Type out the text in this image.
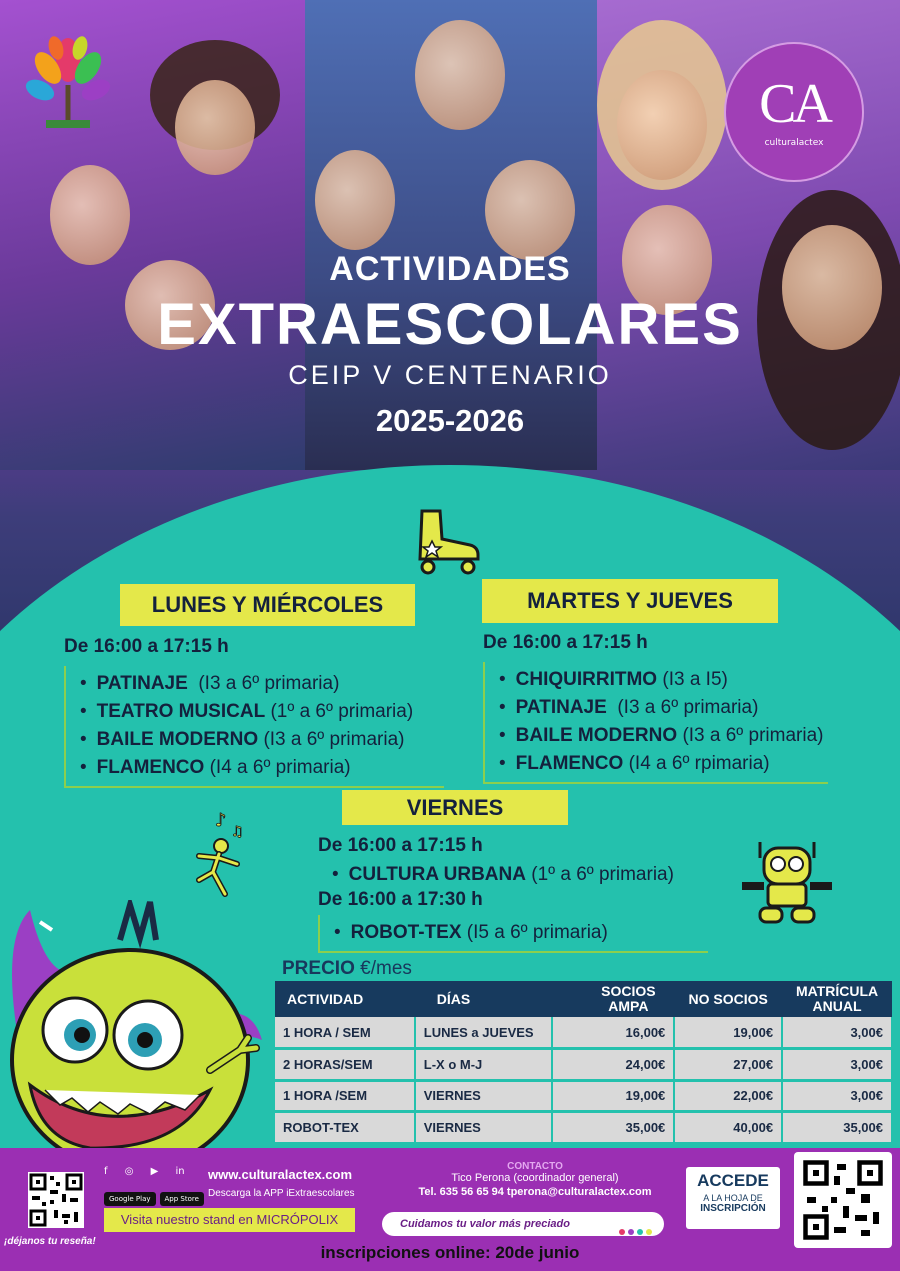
CA
culturalactex
ACTIVIDADES
EXTRAESCOLARES
CEIP V CENTENARIO
2025-2026
LUNES Y MIÉRCOLES
De 16:00 a 17:15 h
• PATINAJE (I3 a 6º primaria)
• TEATRO MUSICAL (1º a 6º primaria)
• BAILE MODERNO (I3 a 6º primaria)
• FLAMENCO (I4 a 6º primaria)
MARTES Y JUEVES
De 16:00 a 17:15 h
• CHIQUIRRITMO (I3 a I5)
• PATINAJE (I3 a 6º primaria)
• BAILE MODERNO (I3 a 6º primaria)
• FLAMENCO (I4 a 6º rpimaria)
VIERNES
♪
♫
De 16:00 a 17:15 h
• CULTURA URBANA (1º a 6º primaria)
De 16:00 a 17:30 h
• ROBOT-TEX (I5 a 6º primaria)
PRECIO €/mes
ACTIVIDAD	DÍAS	SOCIOS AMPA	NO SOCIOS	MATRÍCULA ANUAL
1 HORA / SEM	LUNES a JUEVES	16,00€	19,00€	3,00€
2 HORAS/SEM	L-X o M-J	24,00€	27,00€	3,00€
1 HORA /SEM	VIERNES	19,00€	22,00€	3,00€
ROBOT-TEX	VIERNES	35,00€	40,00€	35,00€
¡déjanos tu reseña!
f ◎ ▶ in	www.culturalactex.com
Google Play App Store Descarga la APP iExtraescolares
Visita nuestro stand en MICRÓPOLIX
CONTACTO
Tico Perona (coordinador general)
Tel. 635 56 65 94 tperona@culturalactex.com
Cuidamos tu valor más preciado
ACCEDE
A LA HOJA DE
INSCRIPCIÓN
inscripciones online: 20de junio
